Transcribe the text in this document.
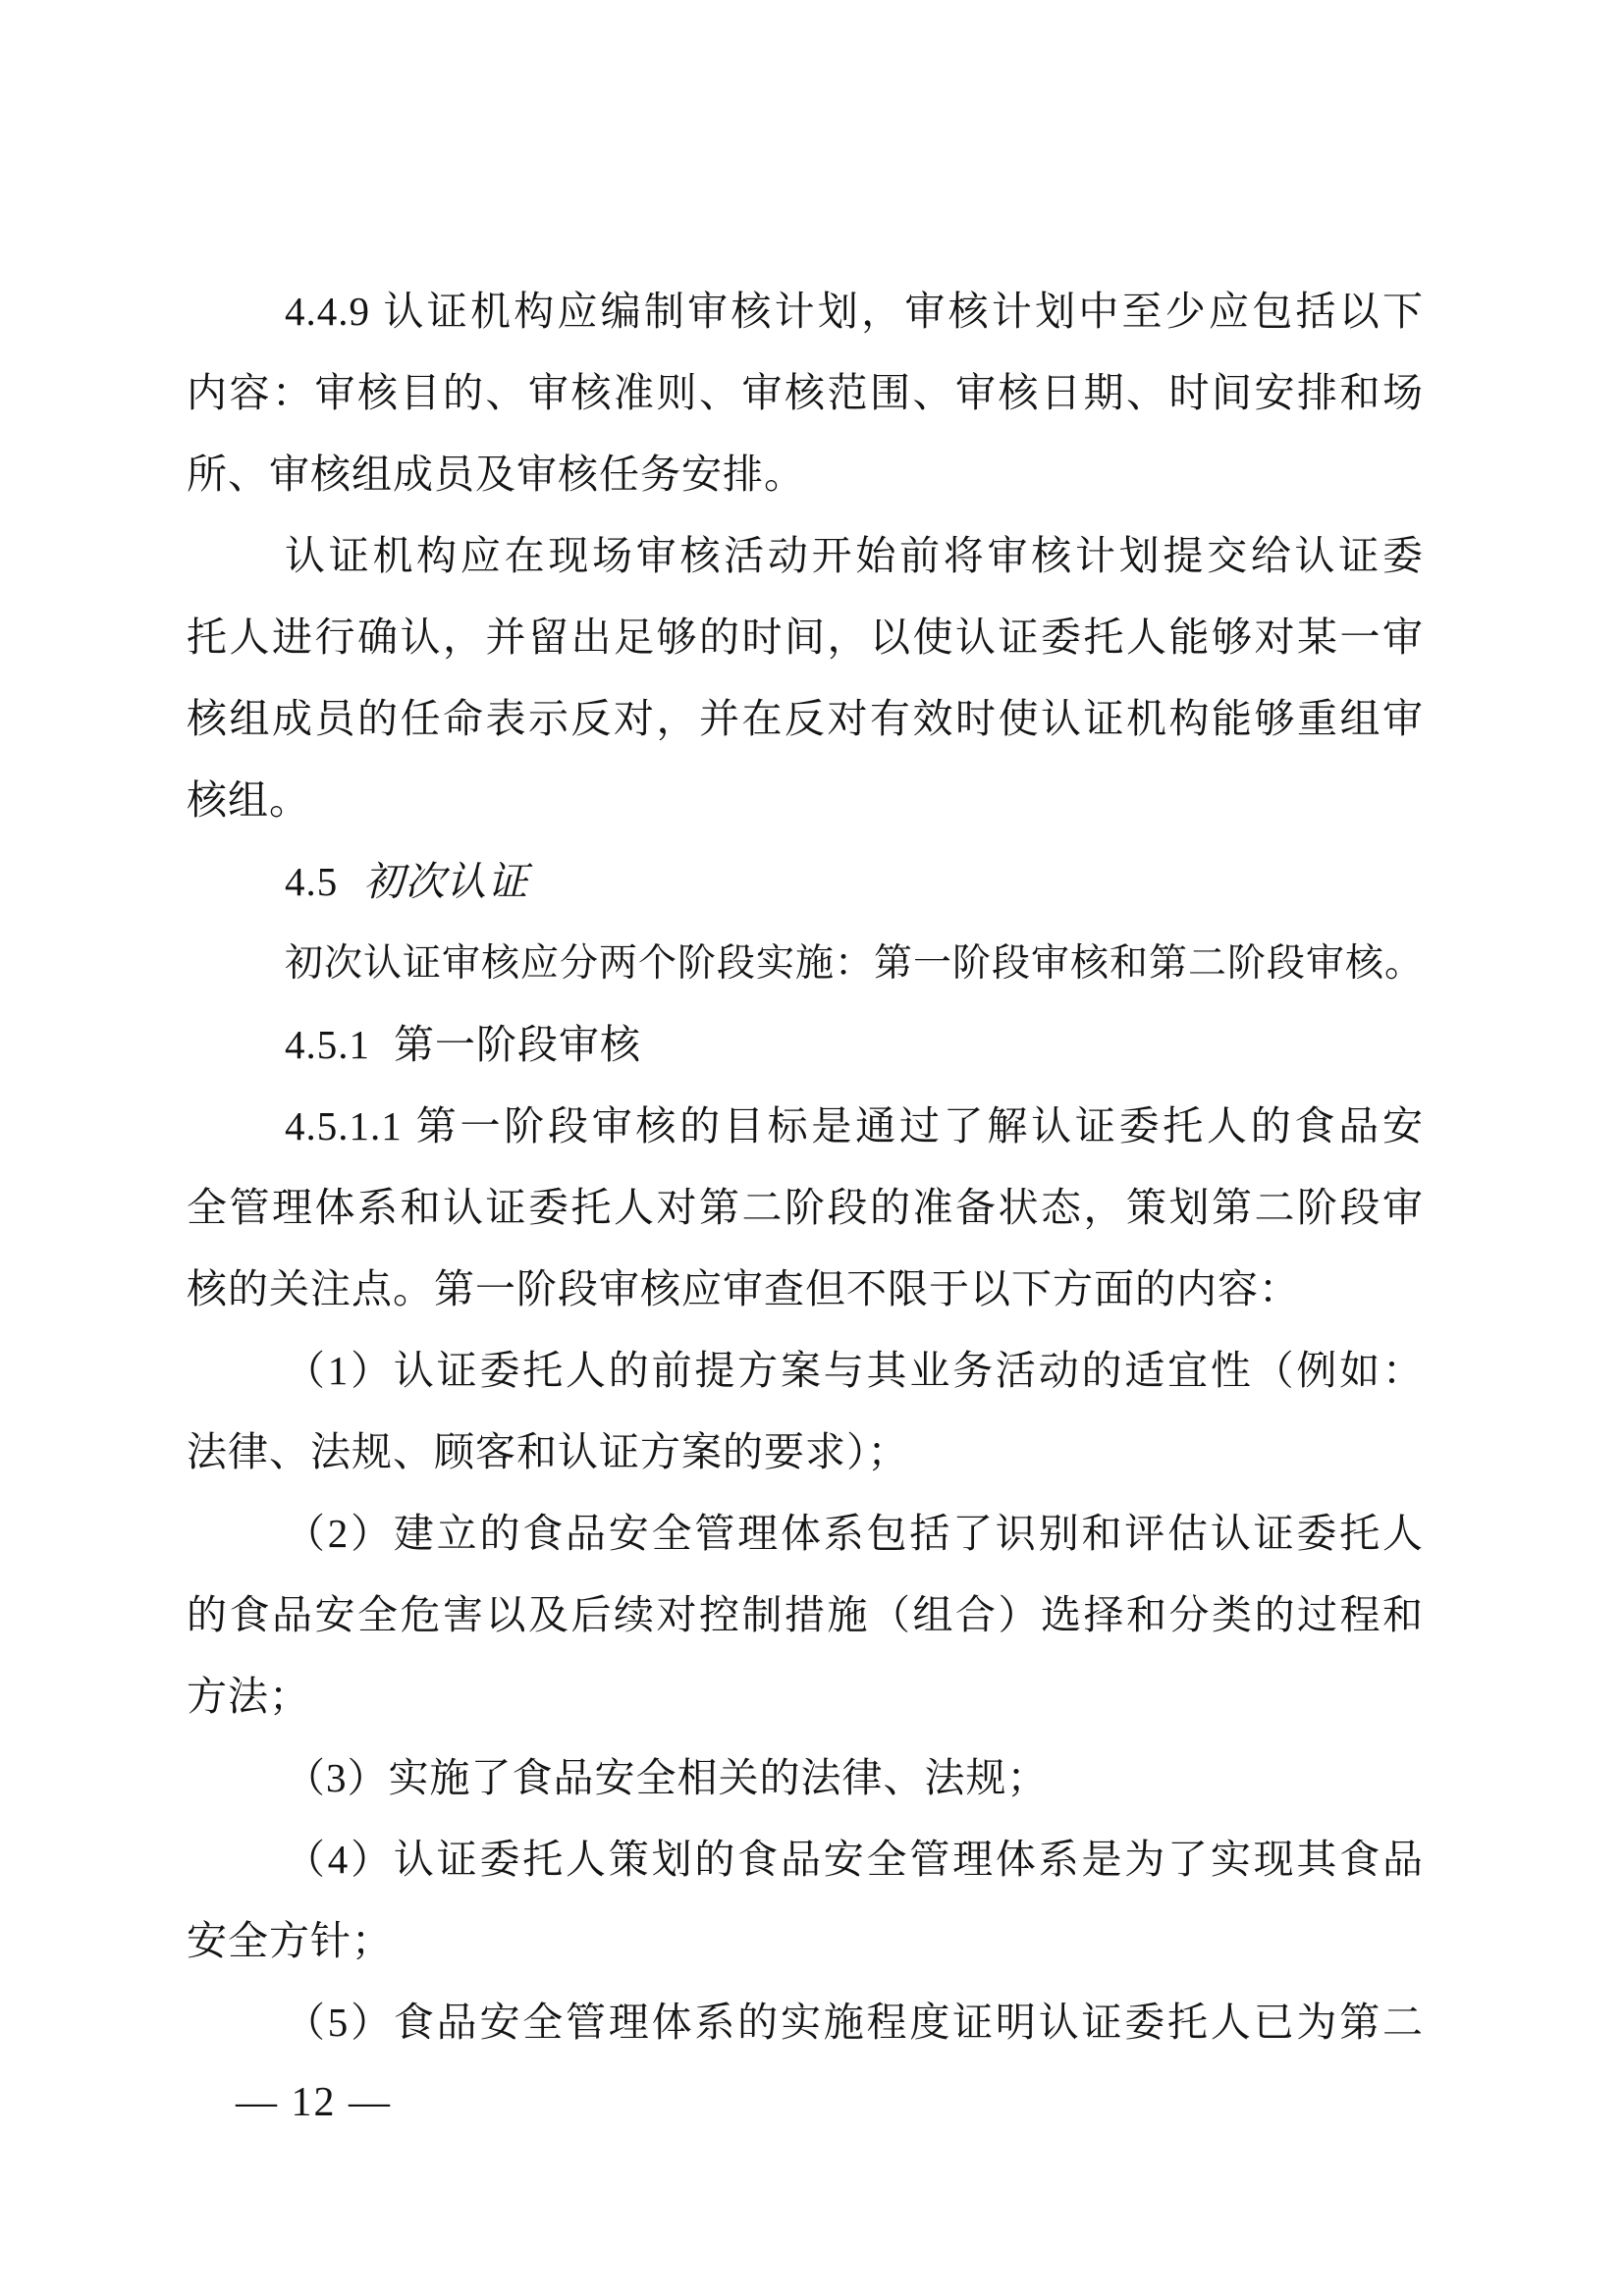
4.4.9 认证机构应编制审核计划，审核计划中至少应包括以下
内容：审核目的、审核准则、审核范围、审核日期、时间安排和场
所、审核组成员及审核任务安排。
认证机构应在现场审核活动开始前将审核计划提交给认证委
托人进行确认，并留出足够的时间，以使认证委托人能够对某一审
核组成员的任命表示反对，并在反对有效时使认证机构能够重组审
核组。
4.5 初次认证
初次认证审核应分两个阶段实施：第一阶段审核和第二阶段审核。
4.5.1 第一阶段审核
4.5.1.1 第一阶段审核的目标是通过了解认证委托人的食品安
全管理体系和认证委托人对第二阶段的准备状态，策划第二阶段审
核的关注点。第一阶段审核应审查但不限于以下方面的内容：
（1）认证委托人的前提方案与其业务活动的适宜性（例如：
法律、法规、顾客和认证方案的要求）；
（2）建立的食品安全管理体系包括了识别和评估认证委托人
的食品安全危害以及后续对控制措施（组合）选择和分类的过程和
方法；
（3）实施了食品安全相关的法律、法规；
（4）认证委托人策划的食品安全管理体系是为了实现其食品
安全方针；
（5）食品安全管理体系的实施程度证明认证委托人已为第二
— 12 —
